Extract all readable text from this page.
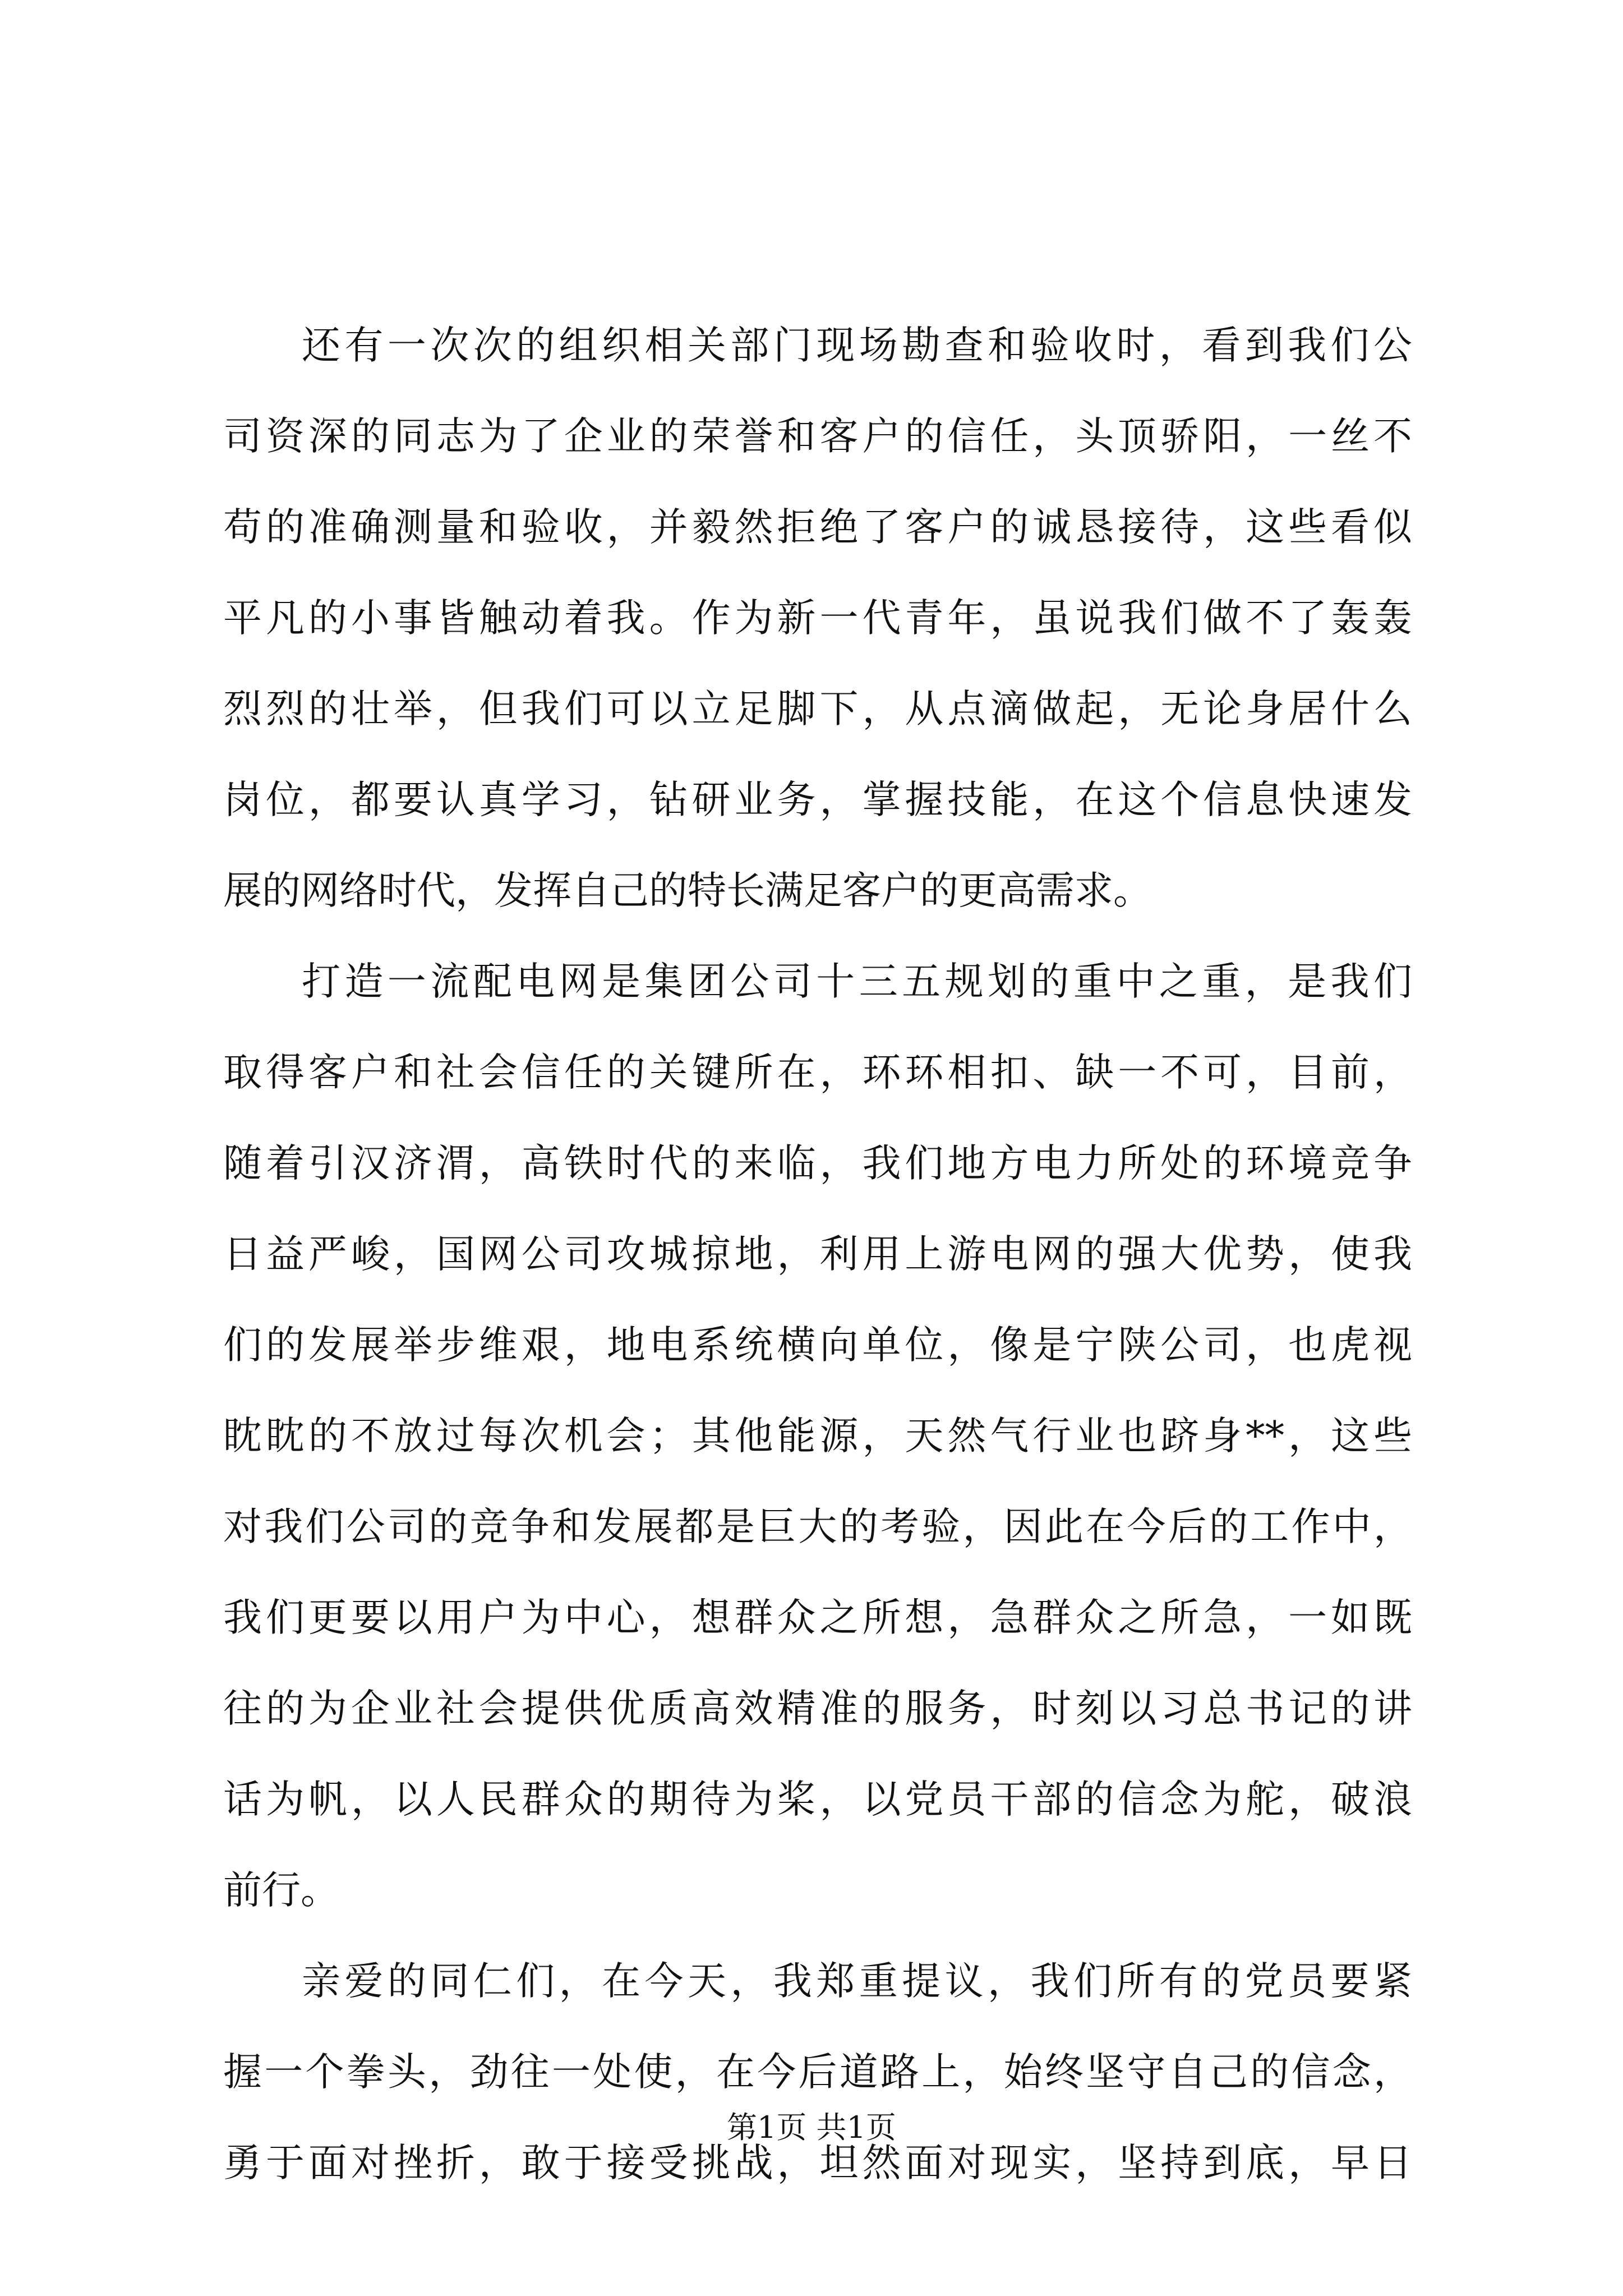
还有一次次的组织相关部门现场勘查和验收时，看到我们公
司资深的同志为了企业的荣誉和客户的信任，头顶骄阳，一丝不
苟的准确测量和验收，并毅然拒绝了客户的诚恳接待，这些看似
平凡的小事皆触动着我。作为新一代青年，虽说我们做不了轰轰
烈烈的壮举，但我们可以立足脚下，从点滴做起，无论身居什么
岗位，都要认真学习，钻研业务，掌握技能，在这个信息快速发
展的网络时代，发挥自己的特长满足客户的更高需求。
打造一流配电网是集团公司十三五规划的重中之重，是我们
取得客户和社会信任的关键所在，环环相扣、缺一不可，目前，
随着引汉济渭，高铁时代的来临，我们地方电力所处的环境竞争
日益严峻，国网公司攻城掠地，利用上游电网的强大优势，使我
们的发展举步维艰，地电系统横向单位，像是宁陕公司，也虎视
眈眈的不放过每次机会；其他能源，天然气行业也跻身**，这些
对我们公司的竞争和发展都是巨大的考验，因此在今后的工作中，
我们更要以用户为中心，想群众之所想，急群众之所急，一如既
往的为企业社会提供优质高效精准的服务，时刻以习总书记的讲
话为帆，以人民群众的期待为桨，以党员干部的信念为舵，破浪
前行。
亲爱的同仁们，在今天，我郑重提议，我们所有的党员要紧
握一个拳头，劲往一处使，在今后道路上，始终坚守自己的信念，
勇于面对挫折，敢于接受挑战，坦然面对现实，坚持到底，早日
第1页 共1页
